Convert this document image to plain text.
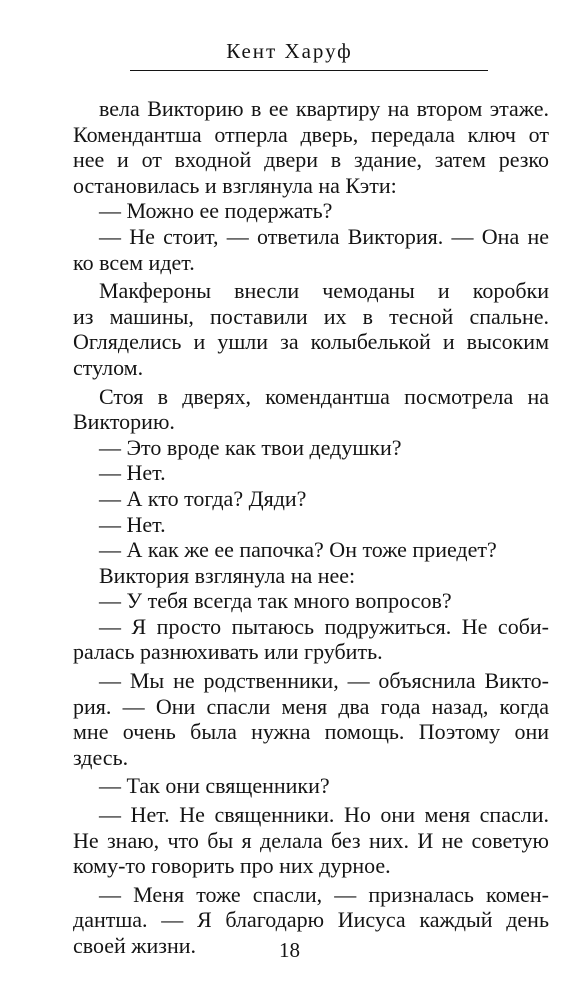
Кент Харуф
вела Викторию в ее квартиру на втором этаже.
Комендантша отперла дверь, передала ключ от
нее и от входной двери в здание, затем резко
остановилась и взглянула на Кэти:
— Можно ее подержать?
— Не стоит, — ответила Виктория. — Она не
ко всем идет.
Макфероны внесли чемоданы и коробки
из машины, поставили их в тесной спальне.
Огляделись и ушли за колыбелькой и высоким
стулом.
Стоя в дверях, комендантша посмотрела на
Викторию.
— Это вроде как твои дедушки?
— Нет.
— А кто тогда? Дяди?
— Нет.
— А как же ее папочка? Он тоже приедет?
Виктория взглянула на нее:
— У тебя всегда так много вопросов?
— Я просто пытаюсь подружиться. Не соби-
ралась разнюхивать или грубить.
— Мы не родственники, — объяснила Викто-
рия. — Они спасли меня два года назад, когда
мне очень была нужна помощь. Поэтому они
здесь.
— Так они священники?
— Нет. Не священники. Но они меня спасли.
Не знаю, что бы я делала без них. И не советую
кому-то говорить про них дурное.
— Меня тоже спасли, — призналась комен-
дантша. — Я благодарю Иисуса каждый день
своей жизни.	18
